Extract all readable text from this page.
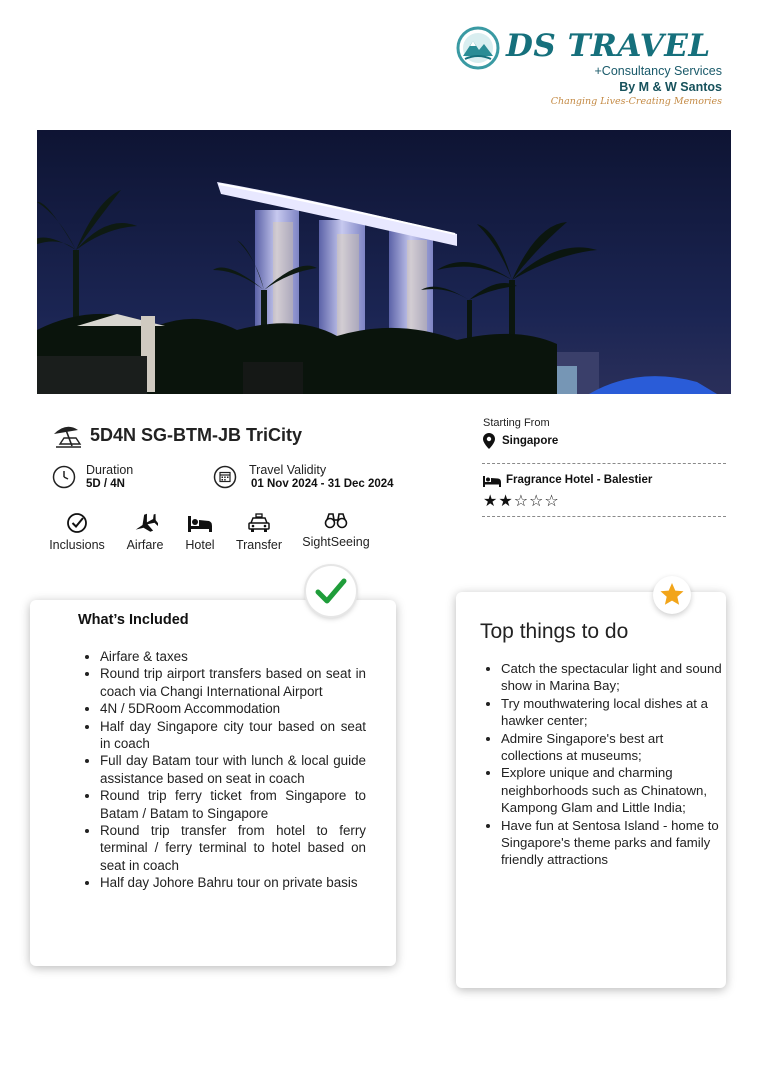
DS TRAVEL
+Consultancy Services
By M & W Santos
Changing Lives-Creating Memories
5D4N SG-BTM-JB TriCity
Duration
5D / 4N
Travel Validity
01 Nov 2024 - 31 Dec 2024
Inclusions	Airfare	Hotel	Transfer	SightSeeing
Starting From
Singapore
Fragrance Hotel - Balestier
★★☆☆☆
What’s Included
• Airfare & taxes
• Round trip airport transfers based on seat in coach via Changi International Airport
• 4N / 5DRoom Accommodation
• Half day Singapore city tour based on seat in coach
• Full day Batam tour with lunch & local guide assistance based on seat in coach
• Round trip ferry ticket from Singapore to Batam / Batam to Singapore
• Round trip transfer from hotel to ferry terminal / ferry terminal to hotel based on seat in coach
• Half day Johore Bahru tour on private basis
Top things to do
• Catch the spectacular light and sound show in Marina Bay;
• Try mouthwatering local dishes at a hawker center;
• Admire Singapore's best art collections at museums;
• Explore unique and charming neighborhoods such as Chinatown, Kampong Glam and Little India;
• Have fun at Sentosa Island - home to Singapore's theme parks and family friendly attractions
